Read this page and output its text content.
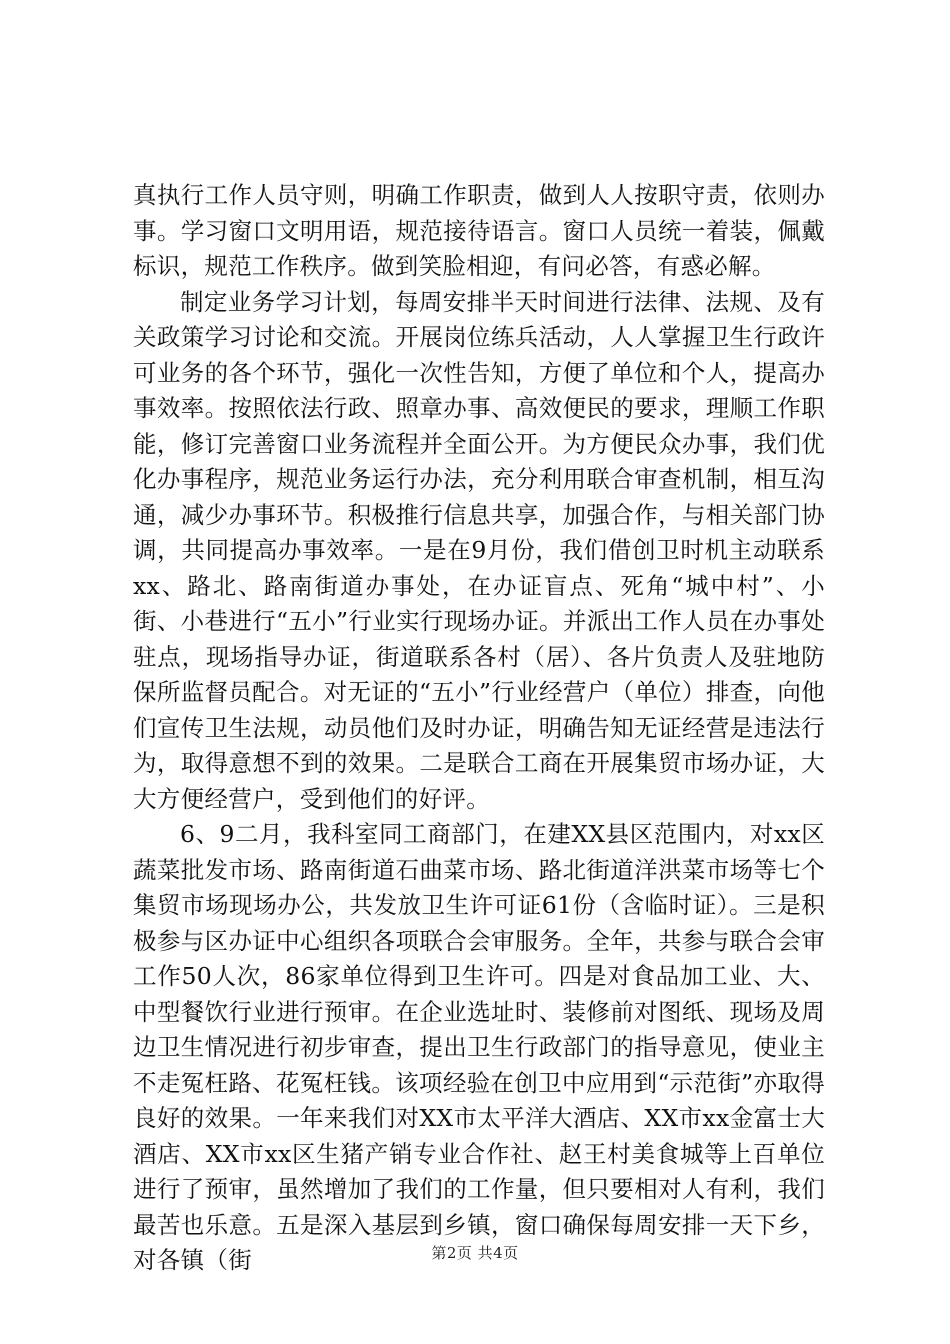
真执行工作人员守则，明确工作职责，做到人人按职守责，依则办事。学习窗口文明用语，规范接待语言。窗口人员统一着装，佩戴标识，规范工作秩序。做到笑脸相迎，有问必答，有惑必解。

制定业务学习计划，每周安排半天时间进行法律、法规、及有关政策学习讨论和交流。开展岗位练兵活动，人人掌握卫生行政许可业务的各个环节，强化一次性告知，方便了单位和个人，提高办事效率。按照依法行政、照章办事、高效便民的要求，理顺工作职能，修订完善窗口业务流程并全面公开。为方便民众办事，我们优化办事程序，规范业务运行办法，充分利用联合审查机制，相互沟通，减少办事环节。积极推行信息共享，加强合作，与相关部门协调，共同提高办事效率。一是在9月份，我们借创卫时机主动联系xx、路北、路南街道办事处，在办证盲点、死角“城中村”、小街、小巷进行“五小”行业实行现场办证。并派出工作人员在办事处驻点，现场指导办证，街道联系各村（居）、各片负责人及驻地防保所监督员配合。对无证的“五小”行业经营户（单位）排查，向他们宣传卫生法规，动员他们及时办证，明确告知无证经营是违法行为，取得意想不到的效果。二是联合工商在开展集贸市场办证，大大方便经营户，受到他们的好评。

6、9二月，我科室同工商部门，在建XX县区范围内，对xx区蔬菜批发市场、路南街道石曲菜市场、路北街道洋洪菜市场等七个集贸市场现场办公，共发放卫生许可证61份（含临时证）。三是积极参与区办证中心组织各项联合会审服务。全年，共参与联合会审工作50人次，86家单位得到卫生许可。四是对食品加工业、大、中型餐饮行业进行预审。在企业选址时、装修前对图纸、现场及周边卫生情况进行初步审查，提出卫生行政部门的指导意见，使业主不走冤枉路、花冤枉钱。该项经验在创卫中应用到“示范街”亦取得良好的效果。一年来我们对XX市太平洋大酒店、XX市xx金富士大酒店、XX市xx区生猪产销专业合作社、赵王村美食城等上百单位进行了预审，虽然增加了我们的工作量，但只要相对人有利，我们最苦也乐意。五是深入基层到乡镇，窗口确保每周安排一天下乡，对各镇（街	第2页 共4页
